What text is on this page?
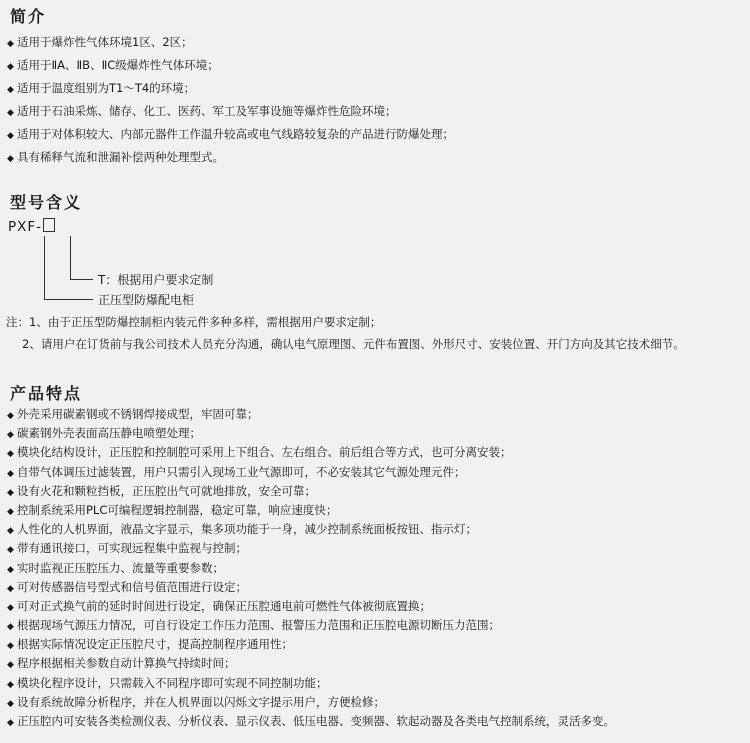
简介
◆ 适用于爆炸性气体环境1区、2区；
◆ 适用于ⅡA、ⅡB、ⅡC级爆炸性气体环境；
◆ 适用于温度组别为T1～T4的环境；
◆ 适用于石油采炼、储存、化工、医药、军工及军事设施等爆炸性危险环境；
◆ 适用于对体积较大、内部元器件工作温升较高或电气线路较复杂的产品进行防爆处理；
◆ 具有稀释气流和泄漏补偿两种处理型式。
型号含义
PXF-
T：根据用户要求定制
正压型防爆配电柜
注：1、由于正压型防爆控制柜内装元件多种多样，需根据用户要求定制；
2、请用户在订货前与我公司技术人员充分沟通，确认电气原理图、元件布置图、外形尺寸、安装位置、开门方向及其它技术细节。
产品特点
◆ 外壳采用碳素钢或不锈钢焊接成型，牢固可靠；
◆ 碳素钢外壳表面高压静电喷塑处理；
◆ 模块化结构设计，正压腔和控制腔可采用上下组合、左右组合、前后组合等方式，也可分离安装；
◆ 自带气体调压过滤装置，用户只需引入现场工业气源即可，不必安装其它气源处理元件；
◆ 设有火花和颗粒挡板，正压腔出气可就地排放，安全可靠；
◆ 控制系统采用PLC可编程逻辑控制器，稳定可靠，响应速度快；
◆ 人性化的人机界面，液晶文字显示，集多项功能于一身，减少控制系统面板按钮、指示灯；
◆ 带有通讯接口，可实现远程集中监视与控制；
◆ 实时监视正压腔压力、流量等重要参数；
◆ 可对传感器信号型式和信号值范围进行设定；
◆ 可对正式换气前的延时时间进行设定，确保正压腔通电前可燃性气体被彻底置换；
◆ 根据现场气源压力情况，可自行设定工作压力范围、报警压力范围和正压腔电源切断压力范围；
◆ 根据实际情况设定正压腔尺寸，提高控制程序通用性；
◆ 程序根据相关参数自动计算换气持续时间；
◆ 模块化程序设计，只需载入不同程序即可实现不同控制功能；
◆ 设有系统故障分析程序，并在人机界面以闪烁文字提示用户，方便检修；
◆ 正压腔内可安装各类检测仪表、分析仪表、显示仪表、低压电器、变频器、软起动器及各类电气控制系统，灵活多变。
